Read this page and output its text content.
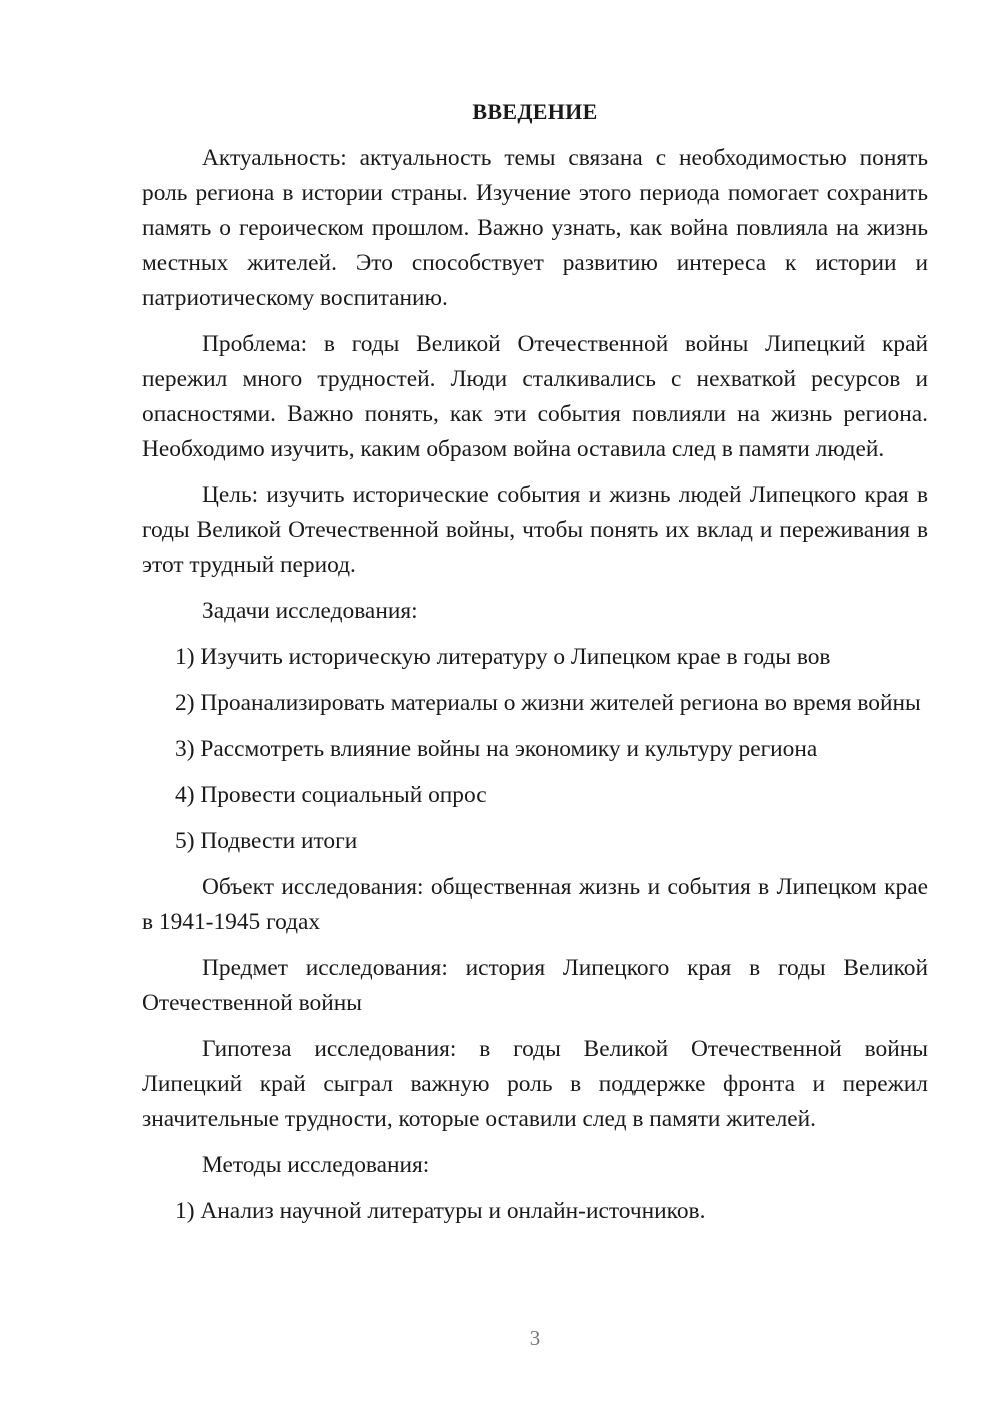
ВВЕДЕНИЕ

Актуальность: актуальность темы связана с необходимостью понять роль региона в истории страны. Изучение этого периода помогает сохранить память о героическом прошлом. Важно узнать, как война повлияла на жизнь местных жителей. Это способствует развитию интереса к истории и патриотическому воспитанию.

Проблема: в годы Великой Отечественной войны Липецкий край пережил много трудностей. Люди сталкивались с нехваткой ресурсов и опасностями. Важно понять, как эти события повлияли на жизнь региона. Необходимо изучить, каким образом война оставила след в памяти людей.

Цель: изучить исторические события и жизнь людей Липецкого края в годы Великой Отечественной войны, чтобы понять их вклад и переживания в этот трудный период.

Задачи исследования:

1) Изучить историческую литературу о Липецком крае в годы вов

2) Проанализировать материалы о жизни жителей региона во время войны

3) Рассмотреть влияние войны на экономику и культуру региона

4) Провести социальный опрос

5) Подвести итоги

Объект исследования: общественная жизнь и события в Липецком крае в 1941-1945 годах

Предмет исследования: история Липецкого края в годы Великой Отечественной войны

Гипотеза исследования: в годы Великой Отечественной войны Липецкий край сыграл важную роль в поддержке фронта и пережил значительные трудности, которые оставили след в памяти жителей.

Методы исследования:

1) Анализ научной литературы и онлайн-источников.

3
